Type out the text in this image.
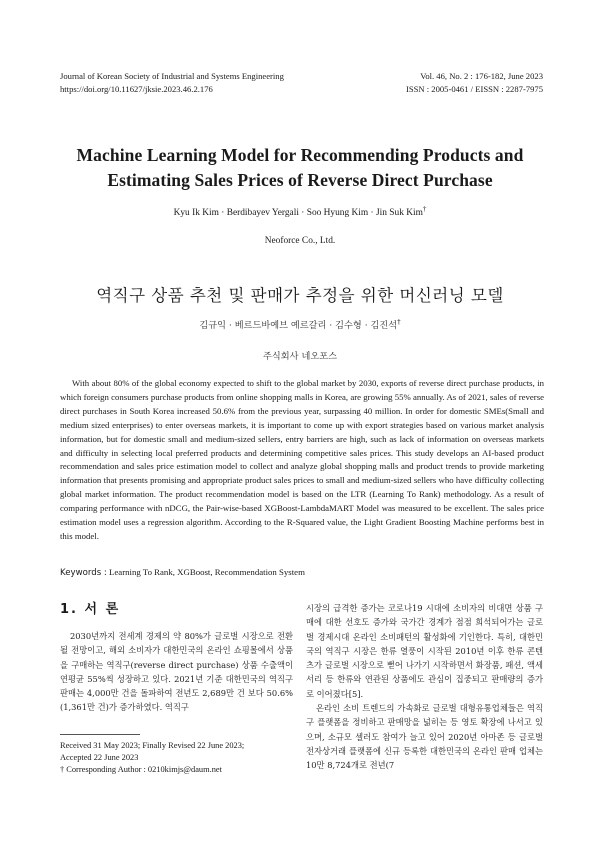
Journal of Korean Society of Industrial and Systems Engineering
https://doi.org/10.11627/jksie.2023.46.2.176
Vol. 46, No. 2 : 176-182, June 2023
ISSN : 2005-0461 / EISSN : 2287-7975
Machine Learning Model for Recommending Products and
Estimating Sales Prices of Reverse Direct Purchase
Kyu Ik Kim · Berdibayev Yergali · Soo Hyung Kim · Jin Suk Kim†
Neoforce Co., Ltd.
역직구 상품 추천 및 판매가 추정을 위한 머신러닝 모델
김규익 · 베르드바예브 예르갈리 · 김수형 · 김진석†
주식회사 네오포스
With about 80% of the global economy expected to shift to the global market by 2030, exports of reverse direct purchase products, in which foreign consumers purchase products from online shopping malls in Korea, are growing 55% annually. As of 2021, sales of reverse direct purchases in South Korea increased 50.6% from the previous year, surpassing 40 million. In order for domestic SMEs(Small and medium sized enterprises) to enter overseas markets, it is important to come up with export strategies based on various market analysis information, but for domestic small and medium-sized sellers, entry barriers are high, such as lack of information on overseas markets and difficulty in selecting local preferred products and determining competitive sales prices. This study develops an AI-based product recommendation and sales price estimation model to collect and analyze global shopping malls and product trends to provide marketing information that presents promising and appropriate product sales prices to small and medium-sized sellers who have difficulty collecting global market information. The product recommendation model is based on the LTR (Learning To Rank) methodology. As a result of comparing performance with nDCG, the Pair-wise-based XGBoost-LambdaMART Model was measured to be excellent. The sales price estimation model uses a regression algorithm. According to the R-Squared value, the Light Gradient Boosting Machine performs best in this model.
Keywords : Learning To Rank, XGBoost, Recommendation System
1. 서 론

2030년까지 전세계 경제의 약 80%가 글로벌 시장으로 전환될 전망이고, 해외 소비자가 대한민국의 온라인 쇼핑몰에서 상품을 구매하는 역직구(reverse direct purchase) 상품 수출액이 연평균 55%씩 성장하고 있다. 2021년 기준 대한민국의 역직구 판매는 4,000만 건을 돌파하여 전년도 2,689만 건 보다 50.6% (1,361만 건)가 증가하였다. 역직구

시장의 급격한 증가는 코로나19 시대에 소비자의 비대면 상품 구매에 대한 선호도 증가와 국가간 경계가 점점 희석되어가는 글로벌 경제시대 온라인 소비패턴의 활성화에 기인한다. 특히, 대한민국의 역직구 시장은 한류 열풍이 시작된 2010년 이후 한류 콘텐츠가 글로벌 시장으로 뻗어 나가기 시작하면서 화장품, 패션, 액세서리 등 한류와 연관된 상품에도 관심이 집중되고 판매량의 증가로 이어졌다[5].

온라인 소비 트렌드의 가속화로 글로벌 대형유통업체들은 역직구 플랫폼을 정비하고 판매망을 넓히는 등 영토 확장에 나서고 있으며, 소규모 셀러도 참여가 늘고 있어 2020년 아마존 등 글로벌 전자상거래 플랫폼에 신규 등록한 대한민국의 온라인 판매 업체는 10만 8,724개로 전년(7

Received 31 May 2023; Finally Revised 22 June 2023;
Accepted 22 June 2023
† Corresponding Author : 0210kimjs@daum.net
